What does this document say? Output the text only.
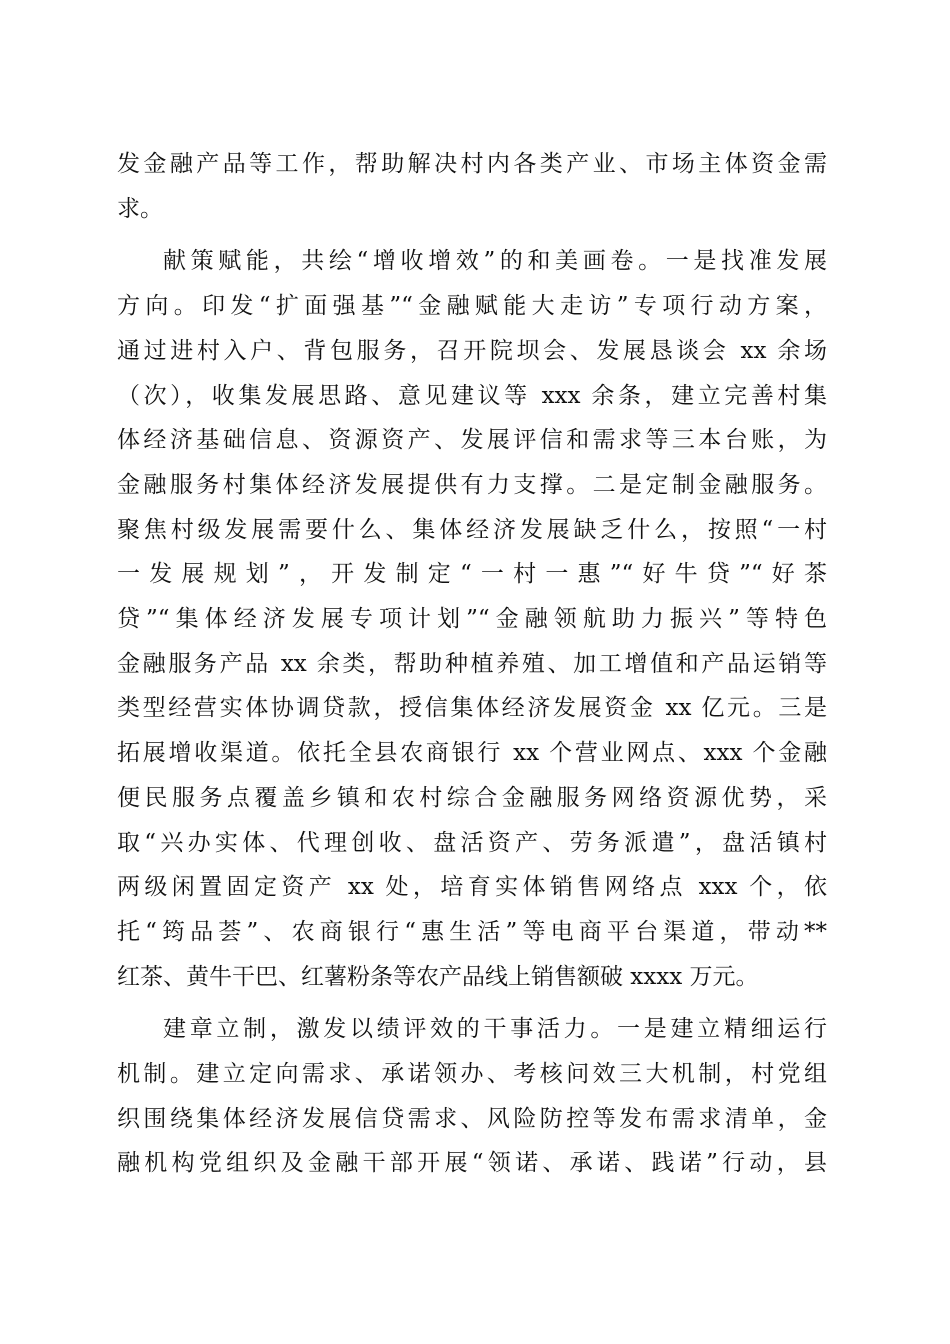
发金融产品等工作，帮助解决村内各类产业、市场主体资金需
求。

献策赋能，共绘“增收增效”的和美画卷。一是找准发展
方向。印发“扩面强基”“金融赋能大走访”专项行动方案，
通过进村入户、背包服务，召开院坝会、发展恳谈会 xx 余场
（次），收集发展思路、意见建议等 xxx 余条，建立完善村集
体经济基础信息、资源资产、发展评信和需求等三本台账，为
金融服务村集体经济发展提供有力支撑。二是定制金融服务。
聚焦村级发展需要什么、集体经济发展缺乏什么，按照“一村
一发展规划”，开发制定“一村一惠”“好牛贷”“好茶
贷”“集体经济发展专项计划”“金融领航助力振兴”等特色
金融服务产品 xx 余类，帮助种植养殖、加工增值和产品运销等
类型经营实体协调贷款，授信集体经济发展资金 xx 亿元。三是
拓展增收渠道。依托全县农商银行 xx 个营业网点、xxx 个金融
便民服务点覆盖乡镇和农村综合金融服务网络资源优势，采
取“兴办实体、代理创收、盘活资产、劳务派遣”，盘活镇村
两级闲置固定资产 xx 处，培育实体销售网络点 xxx 个，依
托“筠品荟”、农商银行“惠生活”等电商平台渠道，带动**
红茶、黄牛干巴、红薯粉条等农产品线上销售额破 xxxx 万元。

建章立制，激发以绩评效的干事活力。一是建立精细运行
机制。建立定向需求、承诺领办、考核问效三大机制，村党组
织围绕集体经济发展信贷需求、风险防控等发布需求清单，金
融机构党组织及金融干部开展“领诺、承诺、践诺”行动，县
